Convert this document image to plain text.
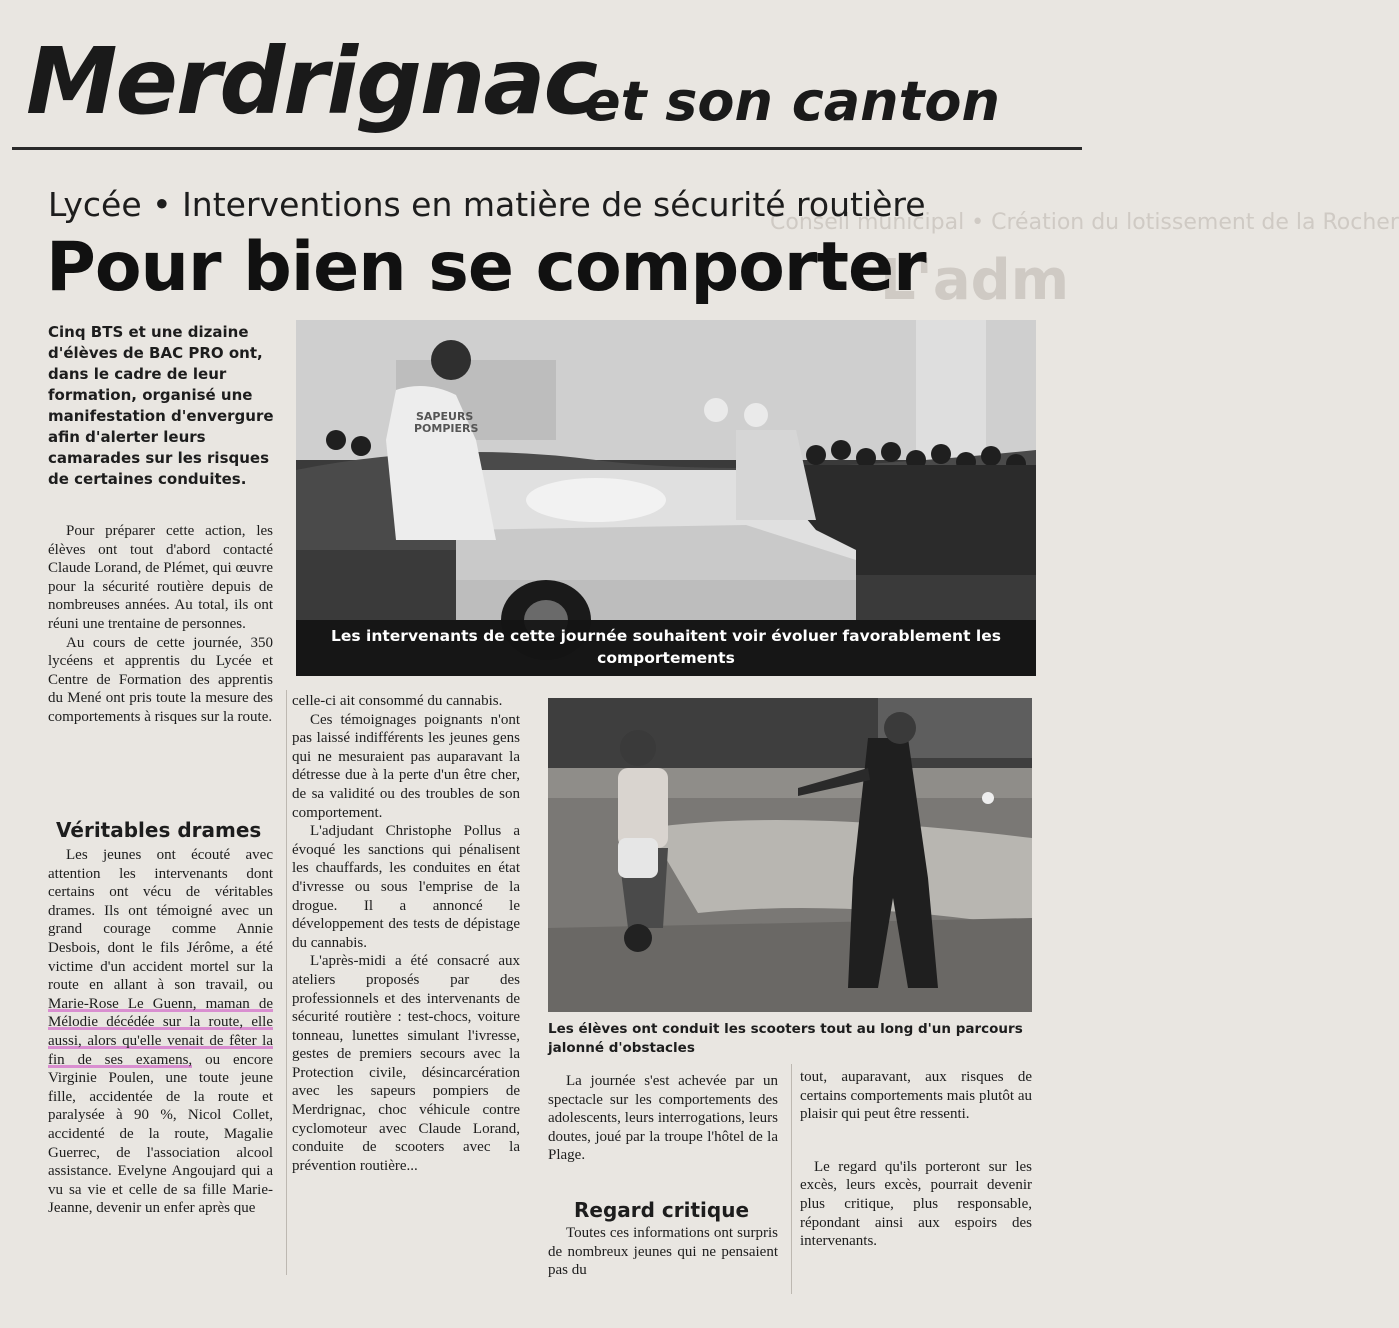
Conseil municipal • Création du lotissement de la Rocher
L'adm
Merdrignac
et son canton
Lycée • Interventions en matière de sécurité routière
Pour bien se comporter
Cinq BTS et une dizaine d'élèves de BAC PRO ont, dans le cadre de leur formation, organisé une manifestation d'envergure afin d'alerter leurs camarades sur les risques de certaines conduites.

Pour préparer cette action, les élèves ont tout d'abord contacté Claude Lorand, de Plémet, qui œuvre pour la sécurité routière depuis de nombreuses années. Au total, ils ont réuni une trentaine de personnes.

Au cours de cette journée, 350 lycéens et apprentis du Lycée et Centre de Formation des apprentis du Mené ont pris toute la mesure des comportements à risques sur la route.

Véritables drames

Les jeunes ont écouté avec attention les intervenants dont certains ont vécu de véritables drames. Ils ont témoigné avec un grand courage comme Annie Desbois, dont le fils Jérôme, a été victime d'un accident mortel sur la route en allant à son travail, ou Marie-Rose Le Guenn, maman de Mélodie décédée sur la route, elle aussi, alors qu'elle venait de fêter la fin de ses examens, ou encore Virginie Poulen, une toute jeune fille, accidentée de la route et paralysée à 90 %, Nicol Collet, accidenté de la route, Magalie Guerrec, de l'association alcool assistance. Evelyne Angoujard qui a vu sa vie et celle de sa fille Marie-Jeanne, devenir un enfer après que

celle-ci ait consommé du cannabis.

Ces témoignages poignants n'ont pas laissé indifférents les jeunes gens qui ne mesuraient pas auparavant la détresse due à la perte d'un être cher, de sa validité ou des troubles de son comportement.

L'adjudant Christophe Pollus a évoqué les sanctions qui pénalisent les chauffards, les conduites en état d'ivresse ou sous l'emprise de la drogue. Il a annoncé le développement des tests de dépistage du cannabis.

L'après-midi a été consacré aux ateliers proposés par des professionnels et des intervenants de sécurité routière : test-chocs, voiture tonneau, lunettes simulant l'ivresse, gestes de premiers secours avec la Protection civile, désincarcération avec les sapeurs pompiers de Merdrignac, choc véhicule contre cyclomoteur avec Claude Lorand, conduite de scooters avec la prévention routière...

SAPEURS
POMPIERS
Les intervenants de cette journée souhaitent voir évoluer favorablement les comportements
Les élèves ont conduit les scooters tout au long d'un parcours jalonné d'obstacles

La journée s'est achevée par un spectacle sur les comportements des adolescents, leurs interrogations, leurs doutes, joué par la troupe l'hôtel de la Plage.

Regard critique

Toutes ces informations ont surpris de nombreux jeunes qui ne pensaient pas du

tout, auparavant, aux risques de certains comportements mais plutôt au plaisir qui peut être ressenti.

Le regard qu'ils porteront sur les excès, leurs excès, pourrait devenir plus critique, plus responsable, répondant ainsi aux espoirs des intervenants.
